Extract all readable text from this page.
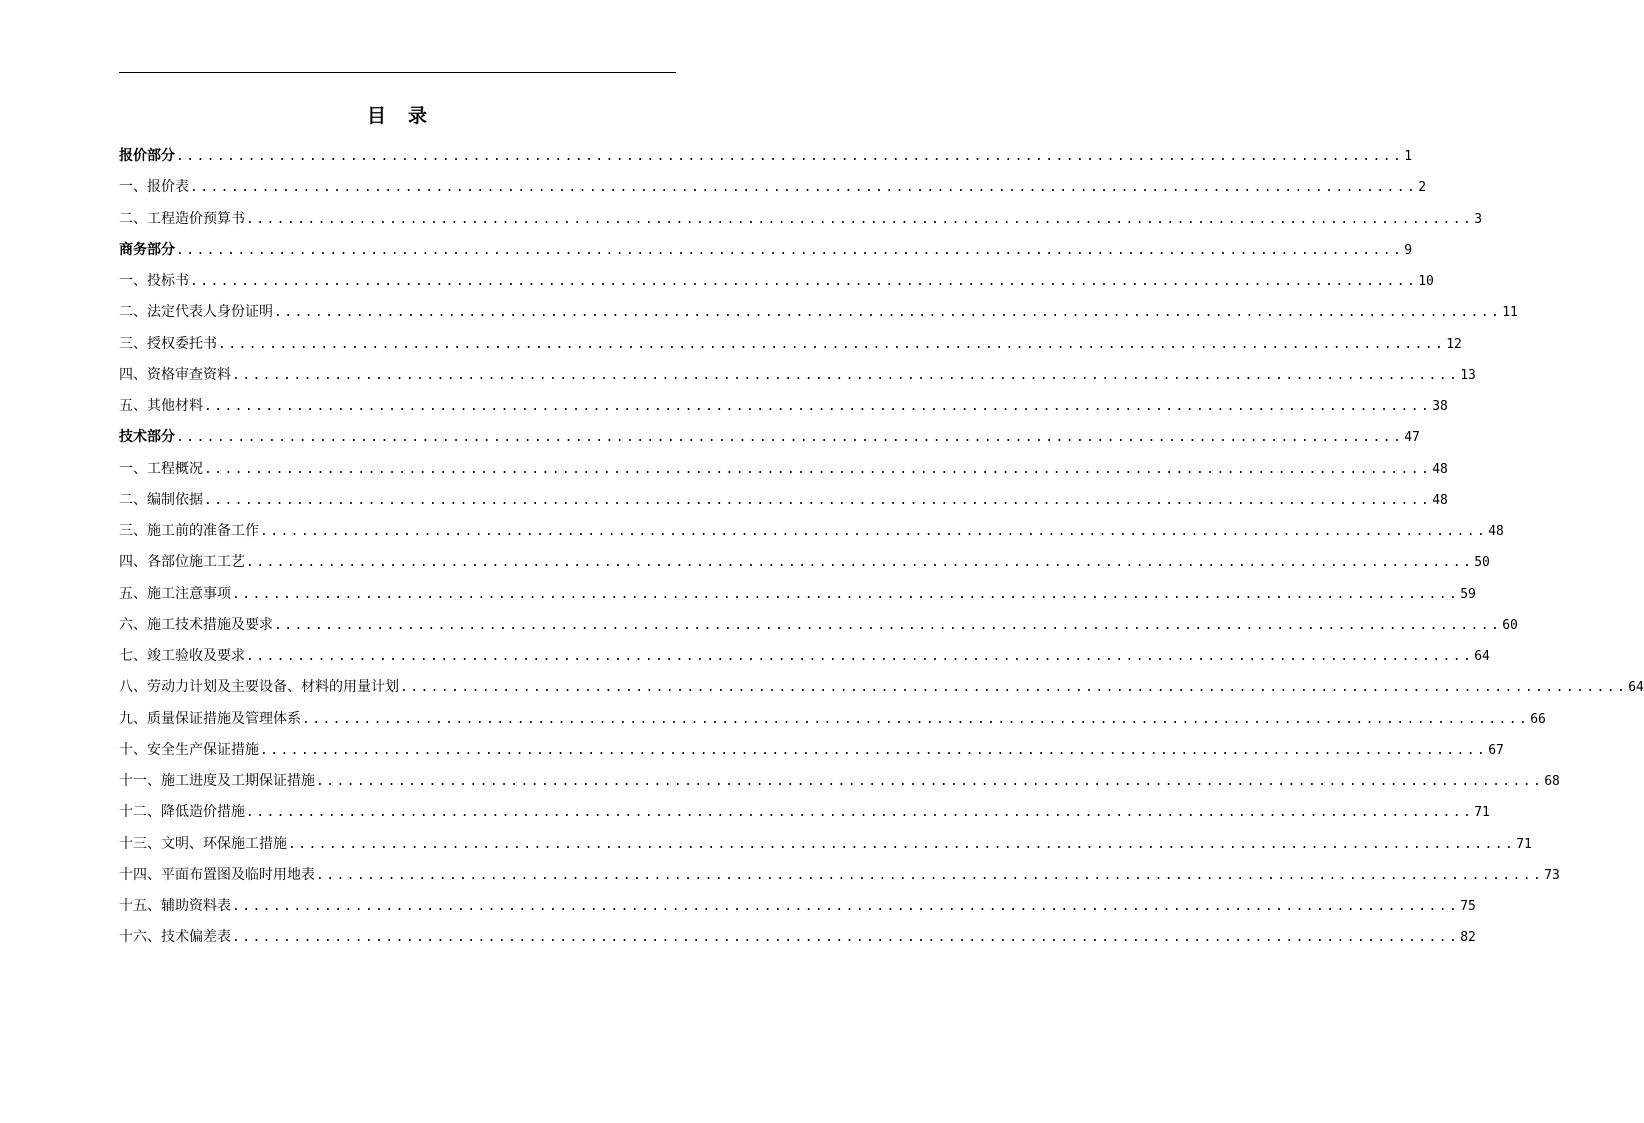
目 录
报价部分 ........................................................................................................................ 1
一、报价表 ........................................................................................................................ 2
二、工程造价预算书 ........................................................................................................................ 3
商务部分 ........................................................................................................................ 9
一、投标书 ........................................................................................................................ 10
二、法定代表人身份证明 ........................................................................................................................ 11
三、授权委托书 ........................................................................................................................ 12
四、资格审查资料 ........................................................................................................................ 13
五、其他材料 ........................................................................................................................ 38
技术部分 ........................................................................................................................ 47
一、工程概况 ........................................................................................................................ 48
二、编制依据 ........................................................................................................................ 48
三、施工前的准备工作 ........................................................................................................................ 48
四、各部位施工工艺 ........................................................................................................................ 50
五、施工注意事项 ........................................................................................................................ 59
六、施工技术措施及要求 ........................................................................................................................ 60
七、竣工验收及要求 ........................................................................................................................ 64
八、劳动力计划及主要设备、材料的用量计划 ........................................................................................................................ 64
九、质量保证措施及管理体系 ........................................................................................................................ 66
十、安全生产保证措施 ........................................................................................................................ 67
十一、施工进度及工期保证措施 ........................................................................................................................ 68
十二、降低造价措施 ........................................................................................................................ 71
十三、文明、环保施工措施 ........................................................................................................................ 71
十四、平面布置图及临时用地表 ........................................................................................................................ 73
十五、辅助资料表 ........................................................................................................................ 75
十六、技术偏差表 ........................................................................................................................ 82
